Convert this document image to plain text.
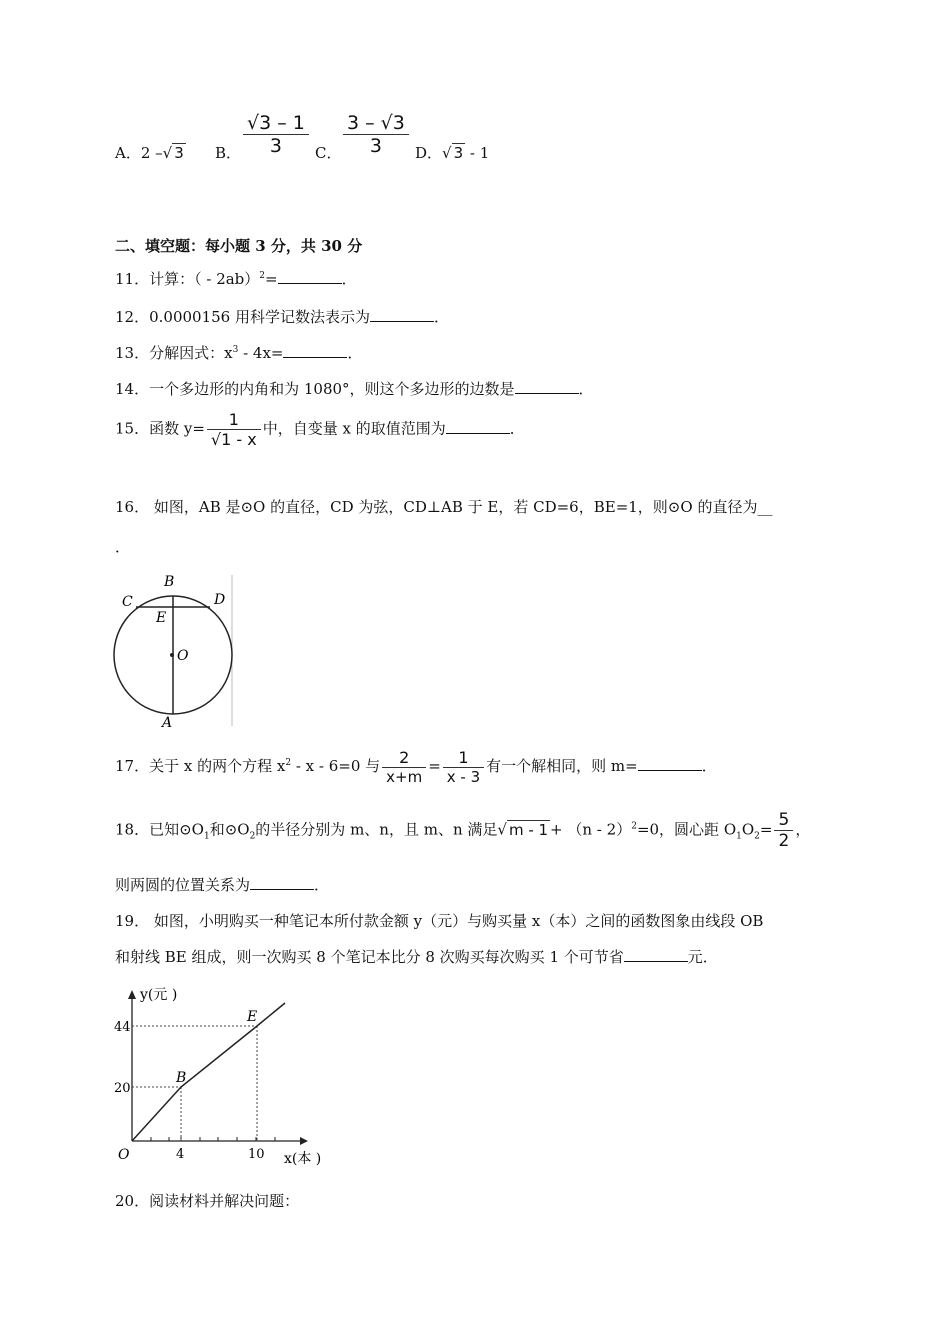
A．2 –√ 3 B． $\frac{√3 - 1}{3}$ C． $\frac{3 - √3}{3}$ D．√ 3 - 1
二、填空题：每小题 3 分，共 30 分
11．计算：（ - 2ab）$^2$=	．
12．0.0000156 用科学记数法表示为	．
13．分解因式：$x^3 - 4x=$	．
14．一个多边形的内角和为 1080°，则这个多边形的边数是	．
15．函数 $y= \frac{1}{√1 - x}$ 中，自变量 x 的取值范围为	．
16． 如图，AB 是⊙O 的直径，CD 为弦，CD⊥AB 于 E，若 CD=6，BE=1，则⊙O 的直径为__
．
B
C	D
E
O
A
17．关于 x 的两个方程 $x^2 - x - 6=0$ 与 $\frac{2}{x+m} = \frac{1}{x - 3}$ 有一个解相同，则 m=	．
18．已知$⊙O_1$和$⊙O_2$的半径分别为 m、n，且 m、n 满足√ m - 1 + （n - 2）$^2$=0，圆心距 $O_1O_2= \frac{5}{2}$ ，
则两圆的位置关系为	．
19． 如图，小明购买一种笔记本所付款金额 y（元）与购买量 x（本）之间的函数图象由线段 OB
和射线 BE 组成，则一次购买 8 个笔记本比分 8 次购买每次购买 1 个可节省	元．
y(元 )
x(本 )
O
44
20
4	10
B
E
20．阅读材料并解决问题：
